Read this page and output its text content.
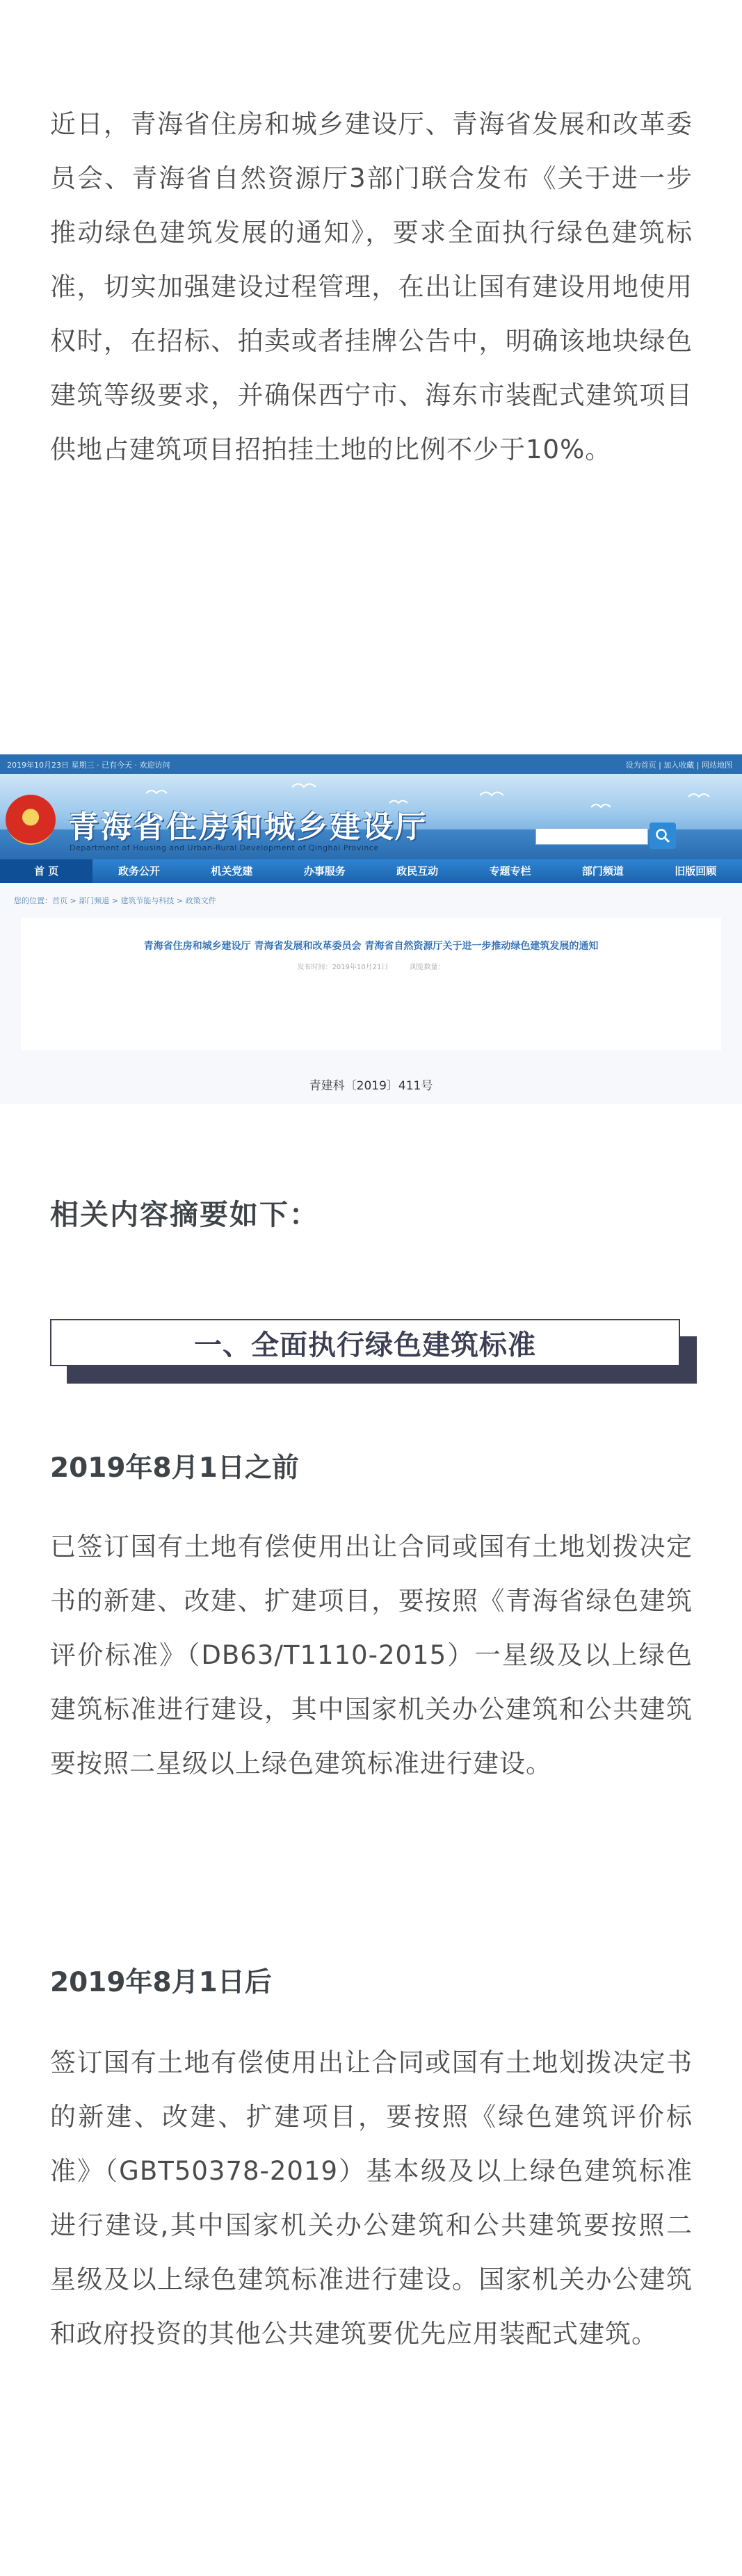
近日，青海省住房和城乡建设厅、青海省发展和改革委员会、青海省自然资源厅3部门联合发布《关于进一步推动绿色建筑发展的通知》，要求全面执行绿色建筑标准，切实加强建设过程管理，在出让国有建设用地使用权时，在招标、拍卖或者挂牌公告中，明确该地块绿色建筑等级要求，并确保西宁市、海东市装配式建筑项目供地占建筑项目招拍挂土地的比例不少于10%。

2019年10月23日 星期三 · 已有今天 · 欢迎访问	设为首页 | 加入收藏 | 网站地图
青海省住房和城乡建设厅
Department of Housing and Urban-Rural Development of Qinghai Province
首 页	政务公开	机关党建	办事服务	政民互动	专题专栏	部门频道	旧版回顾
您的位置：首页 > 部门频道 > 建筑节能与科技 > 政策文件
青海省住房和城乡建设厅 青海省发展和改革委员会 青海省自然资源厅关于进一步推动绿色建筑发展的通知
发布时间：2019年10月21日	浏览数量：
青建科〔2019〕411号
相关内容摘要如下：
一、全面执行绿色建筑标准
2019年8月1日之前

已签订国有土地有偿使用出让合同或国有土地划拨决定书的新建、改建、扩建项目，要按照《青海省绿色建筑评价标准》（DB63/T1110-2015）一星级及以上绿色建筑标准进行建设，其中国家机关办公建筑和公共建筑要按照二星级以上绿色建筑标准进行建设。

2019年8月1日后

签订国有土地有偿使用出让合同或国有土地划拨决定书的新建、改建、扩建项目，要按照《绿色建筑评价标准》（GBT50378-2019）基本级及以上绿色建筑标准进行建设,其中国家机关办公建筑和公共建筑要按照二星级及以上绿色建筑标准进行建设。国家机关办公建筑和政府投资的其他公共建筑要优先应用装配式建筑。
